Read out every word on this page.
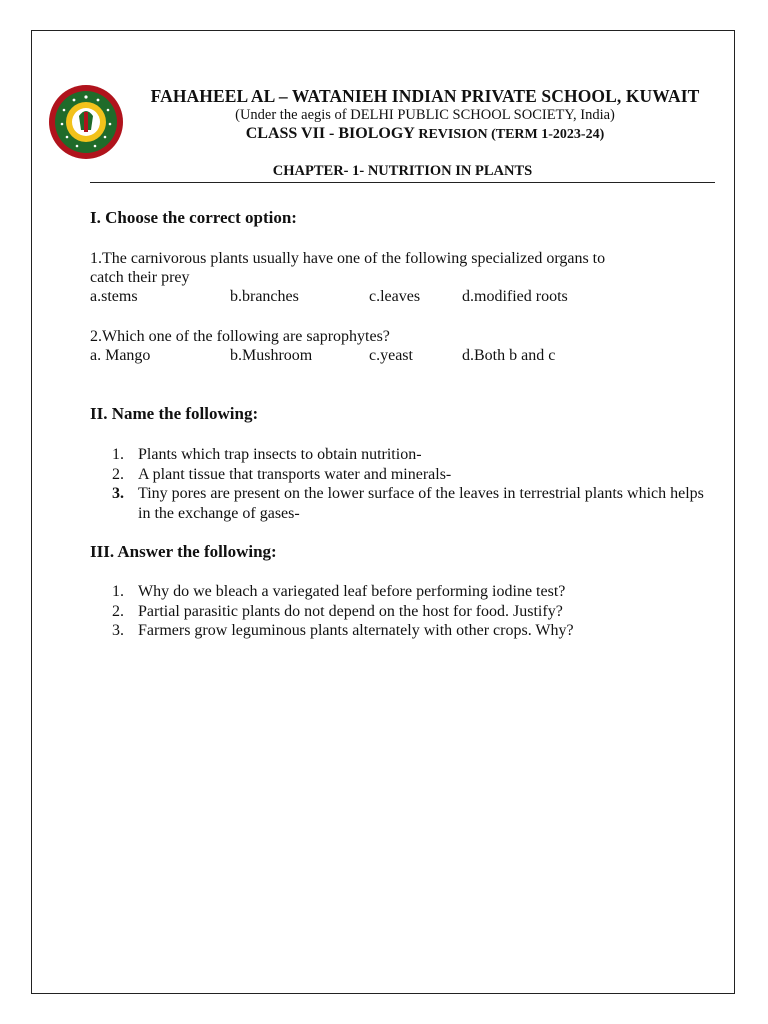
FAHAHEEL AL – WATANIEH INDIAN PRIVATE SCHOOL, KUWAIT
(Under the aegis of DELHI PUBLIC SCHOOL SOCIETY, India)
CLASS VII - BIOLOGY REVISION (TERM 1-2023-24)
CHAPTER- 1- NUTRITION IN PLANTS
I. Choose the correct option:
1.The carnivorous plants usually have one of the following specialized organs to
catch their prey
a.stems	b.branches	c.leaves	d.modified roots
2.Which one of the following are saprophytes?
a. Mango	b.Mushroom	c.yeast	d.Both b and c
II. Name the following:
1. Plants which trap insects to obtain nutrition-
2. A plant tissue that transports water and minerals-
3. Tiny pores are present on the lower surface of the leaves in terrestrial plants which helps in the exchange of gases-
III. Answer the following:
1. Why do we bleach a variegated leaf before performing iodine test?
2. Partial parasitic plants do not depend on the host for food. Justify?
3. Farmers grow leguminous plants alternately with other crops. Why?
